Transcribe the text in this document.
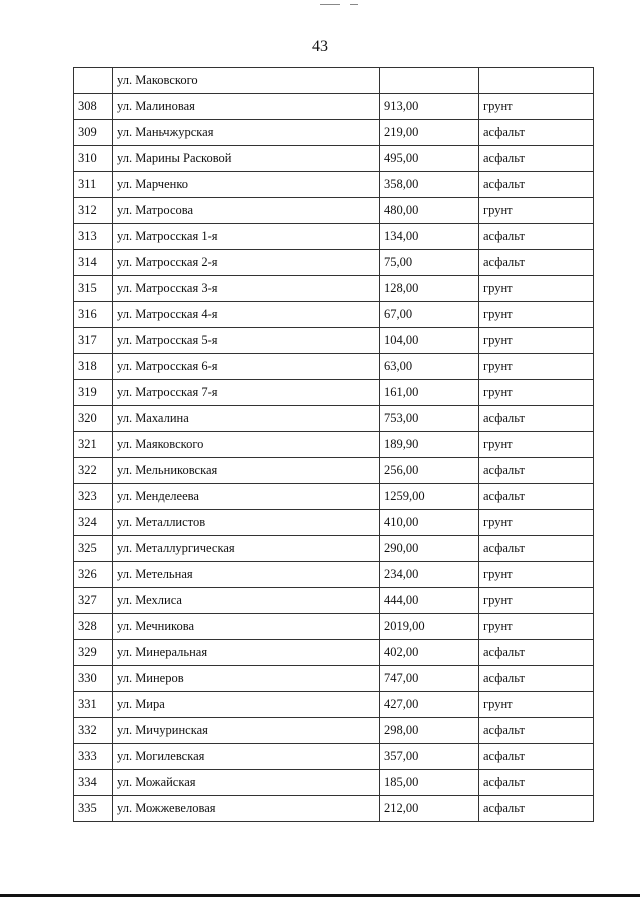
43
	ул. Маковского		
308	ул. Малиновая	913,00	грунт
309	ул. Маньчжурская	219,00	асфальт
310	ул. Марины Расковой	495,00	асфальт
311	ул. Марченко	358,00	асфальт
312	ул. Матросова	480,00	грунт
313	ул. Матросская 1-я	134,00	асфальт
314	ул. Матросская 2-я	75,00	асфальт
315	ул. Матросская 3-я	128,00	грунт
316	ул. Матросская 4-я	67,00	грунт
317	ул. Матросская 5-я	104,00	грунт
318	ул. Матросская 6-я	63,00	грунт
319	ул. Матросская 7-я	161,00	грунт
320	ул. Махалина	753,00	асфальт
321	ул. Маяковского	189,90	грунт
322	ул. Мельниковская	256,00	асфальт
323	ул. Менделеева	1259,00	асфальт
324	ул. Металлистов	410,00	грунт
325	ул. Металлургическая	290,00	асфальт
326	ул. Метельная	234,00	грунт
327	ул. Мехлиса	444,00	грунт
328	ул. Мечникова	2019,00	грунт
329	ул. Минеральная	402,00	асфальт
330	ул. Минеров	747,00	асфальт
331	ул. Мира	427,00	грунт
332	ул. Мичуринская	298,00	асфальт
333	ул. Могилевская	357,00	асфальт
334	ул. Можайская	185,00	асфальт
335	ул. Можжевеловая	212,00	асфальт
